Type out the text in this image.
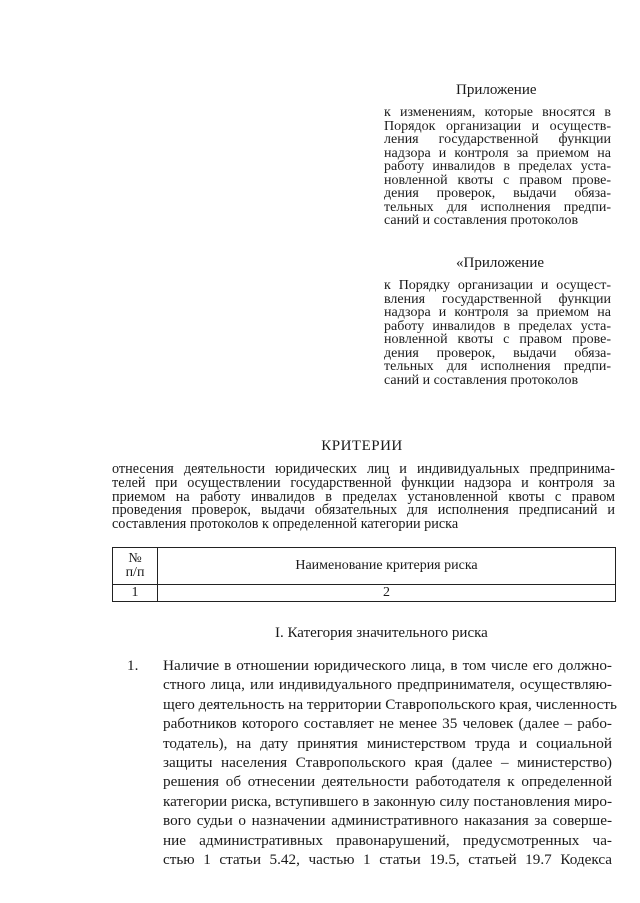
Приложение
к изменениям, которые вносятся в
Порядок организации и осуществ-
ления государственной функции
надзора и контроля за приемом на
работу инвалидов в пределах уста-
новленной квоты с правом прове-
дения проверок, выдачи обяза-
тельных для исполнения предпи-
саний и составления протоколов
«Приложение
к Порядку организации и осущест-
вления государственной функции
надзора и контроля за приемом на
работу инвалидов в пределах уста-
новленной квоты с правом прове-
дения проверок, выдачи обяза-
тельных для исполнения предпи-
саний и составления протоколов
КРИТЕРИИ
отнесения деятельности юридических лиц и индивидуальных предпринима-
телей при осуществлении государственной функции надзора и контроля за
приемом на работу инвалидов в пределах установленной квоты с правом
проведения проверок, выдачи обязательных для исполнения предписаний и
составления протоколов к определенной категории риска
№
п/п	Наименование критерия риска
1	2
I. Категория значительного риска
1. Наличие в отношении юридического лица, в том числе его должно-
стного лица, или индивидуального предпринимателя, осуществляю-
щего деятельность на территории Ставропольского края, численность
работников которого составляет не менее 35 человек (далее – рабо-
тодатель), на дату принятия министерством труда и социальной
защиты населения Ставропольского края (далее – министерство)
решения об отнесении деятельности работодателя к определенной
категории риска, вступившего в законную силу постановления миро-
вого судьи о назначении административного наказания за соверше-
ние административных правонарушений, предусмотренных ча-
стью 1 статьи 5.42, частью 1 статьи 19.5, статьей 19.7 Кодекса
